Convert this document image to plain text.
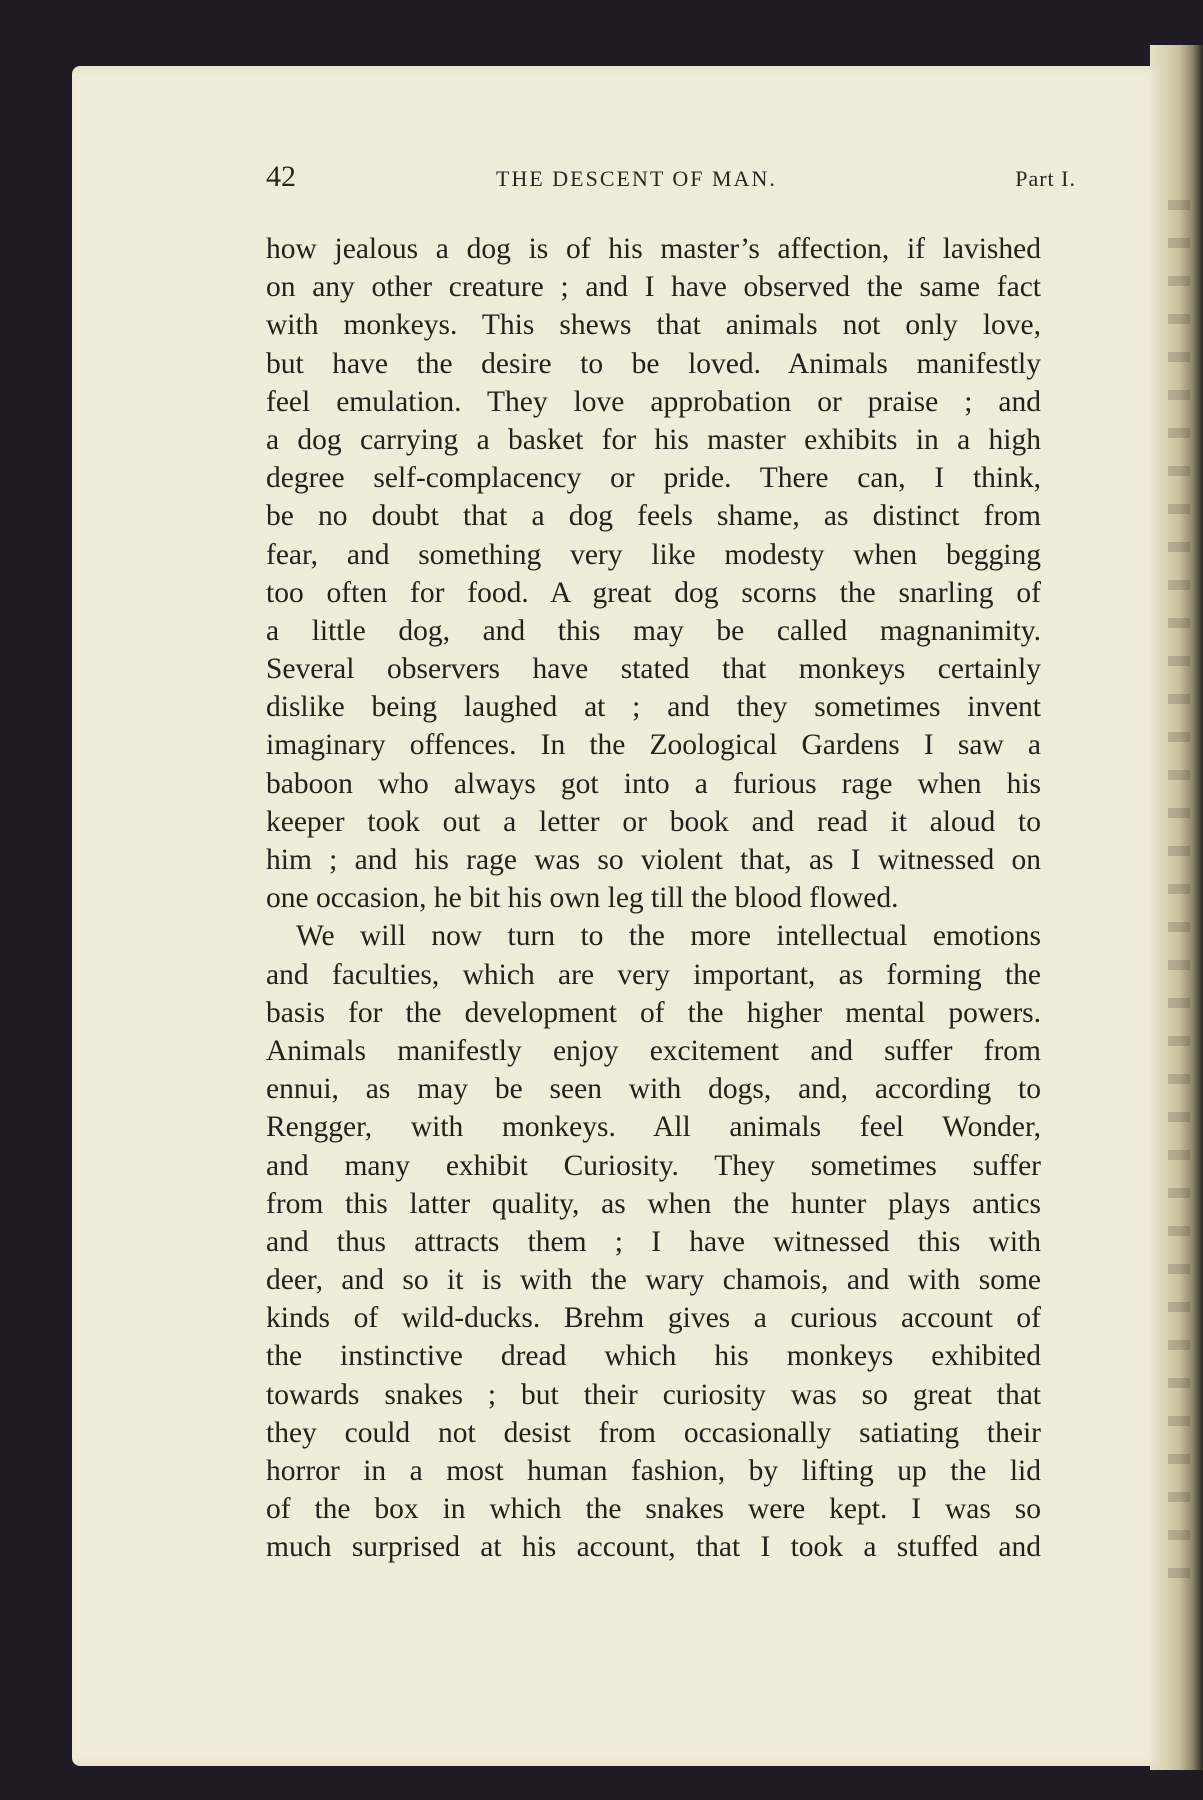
42	THE DESCENT OF MAN.	Part I.
how jealous a dog is of his master’s affection, if lavished
on any other creature ; and I have observed the same fact
with monkeys. This shews that animals not only love,
but have the desire to be loved. Animals manifestly
feel emulation. They love approbation or praise ; and
a dog carrying a basket for his master exhibits in a high
degree self-complacency or pride. There can, I think,
be no doubt that a dog feels shame, as distinct from
fear, and something very like modesty when begging
too often for food. A great dog scorns the snarling of
a little dog, and this may be called magnanimity.
Several observers have stated that monkeys certainly
dislike being laughed at ; and they sometimes invent
imaginary offences. In the Zoological Gardens I saw a
baboon who always got into a furious rage when his
keeper took out a letter or book and read it aloud to
him ; and his rage was so violent that, as I witnessed on
one occasion, he bit his own leg till the blood flowed.
We will now turn to the more intellectual emotions
and faculties, which are very important, as forming the
basis for the development of the higher mental powers.
Animals manifestly enjoy excitement and suffer from
ennui, as may be seen with dogs, and, according to
Rengger, with monkeys. All animals feel Wonder,
and many exhibit Curiosity. They sometimes suffer
from this latter quality, as when the hunter plays antics
and thus attracts them ; I have witnessed this with
deer, and so it is with the wary chamois, and with some
kinds of wild-ducks. Brehm gives a curious account of
the instinctive dread which his monkeys exhibited
towards snakes ; but their curiosity was so great that
they could not desist from occasionally satiating their
horror in a most human fashion, by lifting up the lid
of the box in which the snakes were kept. I was so
much surprised at his account, that I took a stuffed and
